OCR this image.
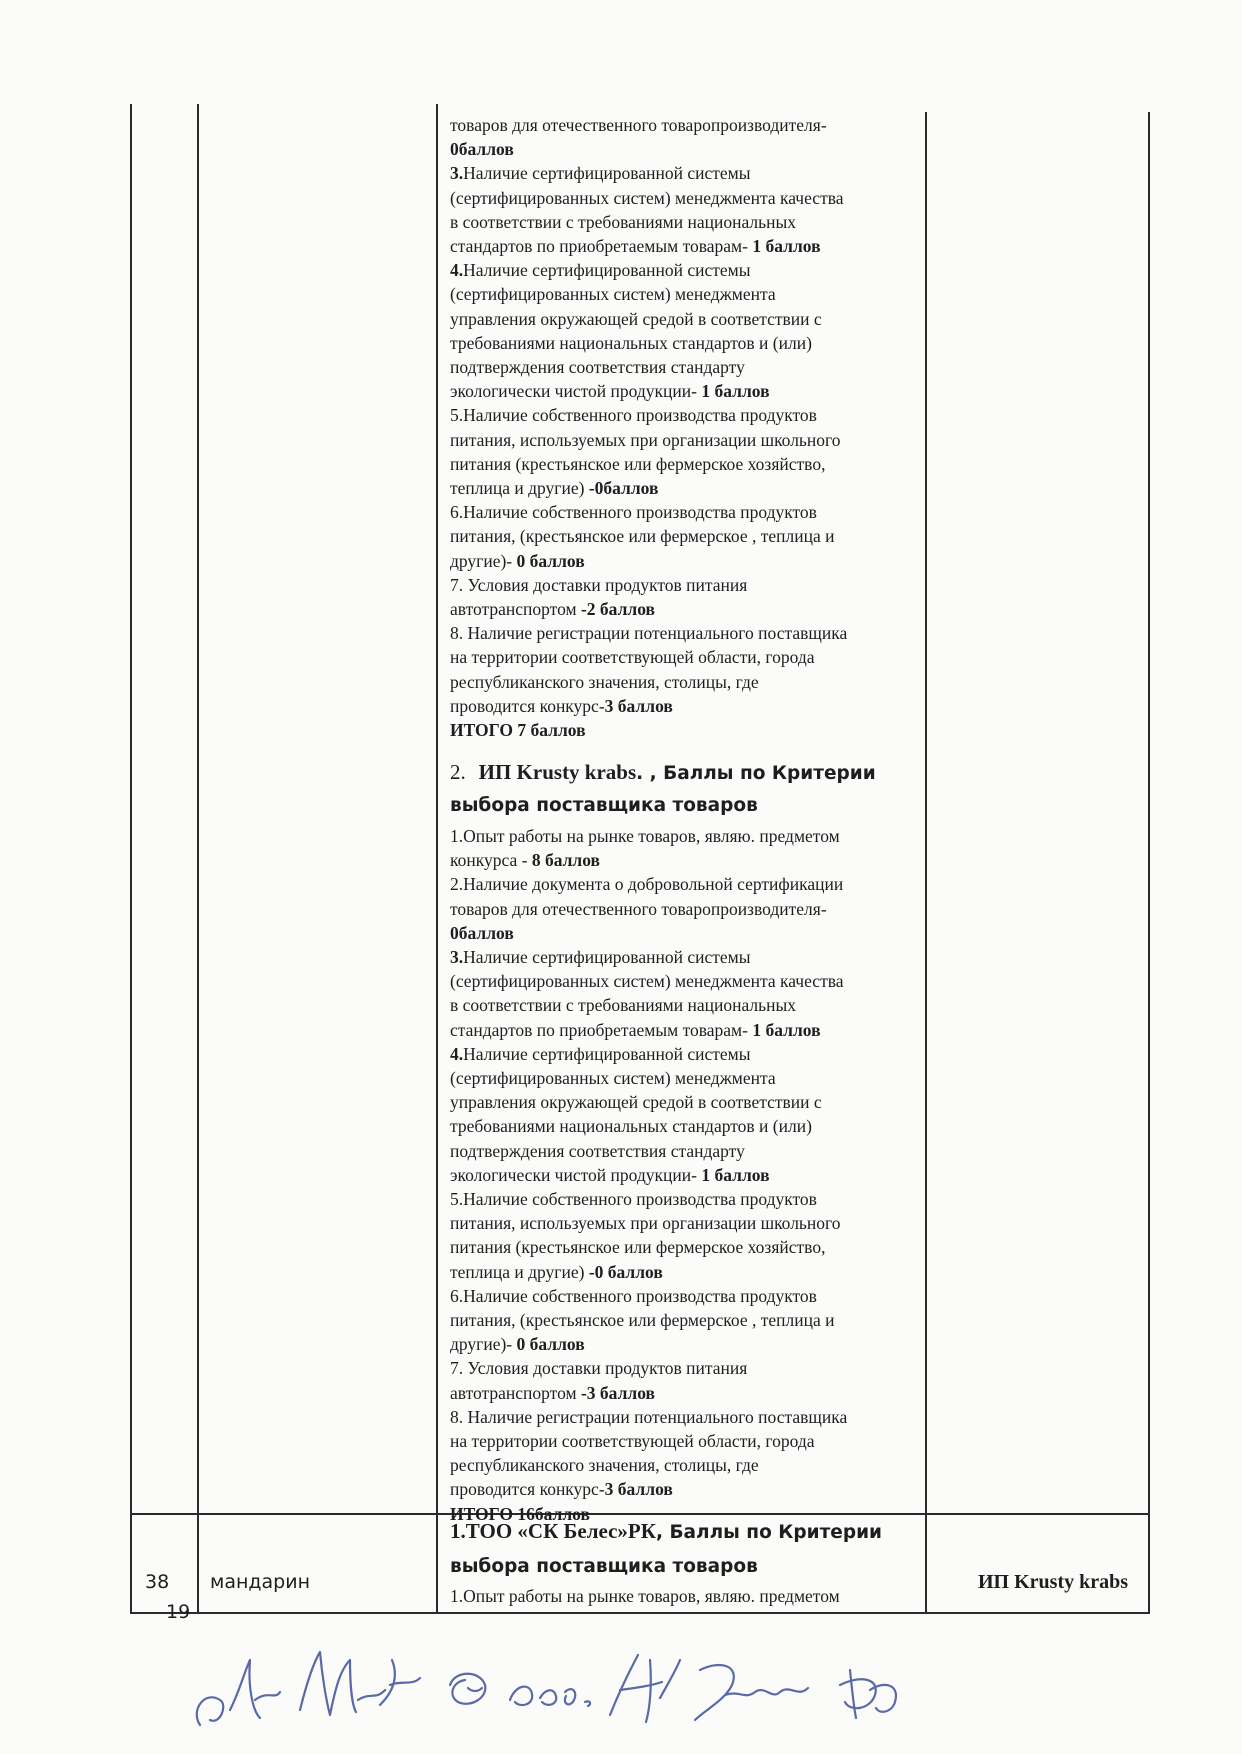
товаров для отечественного товаропроизводителя-

0баллов

3.Наличие сертифицированной системы

(сертифицированных систем) менеджмента качества

в соответствии с требованиями национальных

стандартов по приобретаемым товарам- 1 баллов

4.Наличие сертифицированной системы

(сертифицированных систем) менеджмента

управления окружающей средой в соответствии с

требованиями национальных стандартов и (или)

подтверждения соответствия стандарту

экологически чистой продукции- 1 баллов

5.Наличие собственного производства продуктов

питания, используемых при организации школьного

питания (крестьянское или фермерское хозяйство,

теплица и другие) -0баллов

6.Наличие собственного производства продуктов

питания, (крестьянское или фермерское , теплица и

другие)- 0 баллов

7. Условия доставки продуктов питания

автотранспортом -2 баллов

8. Наличие регистрации потенциального поставщика

на территории соответствующей области, города

республиканского значения, столицы, где

проводится конкурс-3 баллов

ИТОГО 7 баллов

2. ИП Krusty krabs. , Баллы по Критерии
выбора поставщика товаров

1.Опыт работы на рынке товаров, являю. предметом

конкурса - 8 баллов

2.Наличие документа о добровольной сертификации

товаров для отечественного товаропроизводителя-

0баллов

3.Наличие сертифицированной системы

(сертифицированных систем) менеджмента качества

в соответствии с требованиями национальных

стандартов по приобретаемым товарам- 1 баллов

4.Наличие сертифицированной системы

(сертифицированных систем) менеджмента

управления окружающей средой в соответствии с

требованиями национальных стандартов и (или)

подтверждения соответствия стандарту

экологически чистой продукции- 1 баллов

5.Наличие собственного производства продуктов

питания, используемых при организации школьного

питания (крестьянское или фермерское хозяйство,

теплица и другие) -0 баллов

6.Наличие собственного производства продуктов

питания, (крестьянское или фермерское , теплица и

другие)- 0 баллов

7. Условия доставки продуктов питания

автотранспортом -3 баллов

8. Наличие регистрации потенциального поставщика

на территории соответствующей области, города

республиканского значения, столицы, где

проводится конкурс-3 баллов

ИТОГО 16баллов

38 мандарин
1.ТОО «СК Белес»РК, Баллы по Критерии
выбора поставщика товаров
1.Опыт работы на рынке товаров, являю. предметом
ИП Krusty krabs
19
